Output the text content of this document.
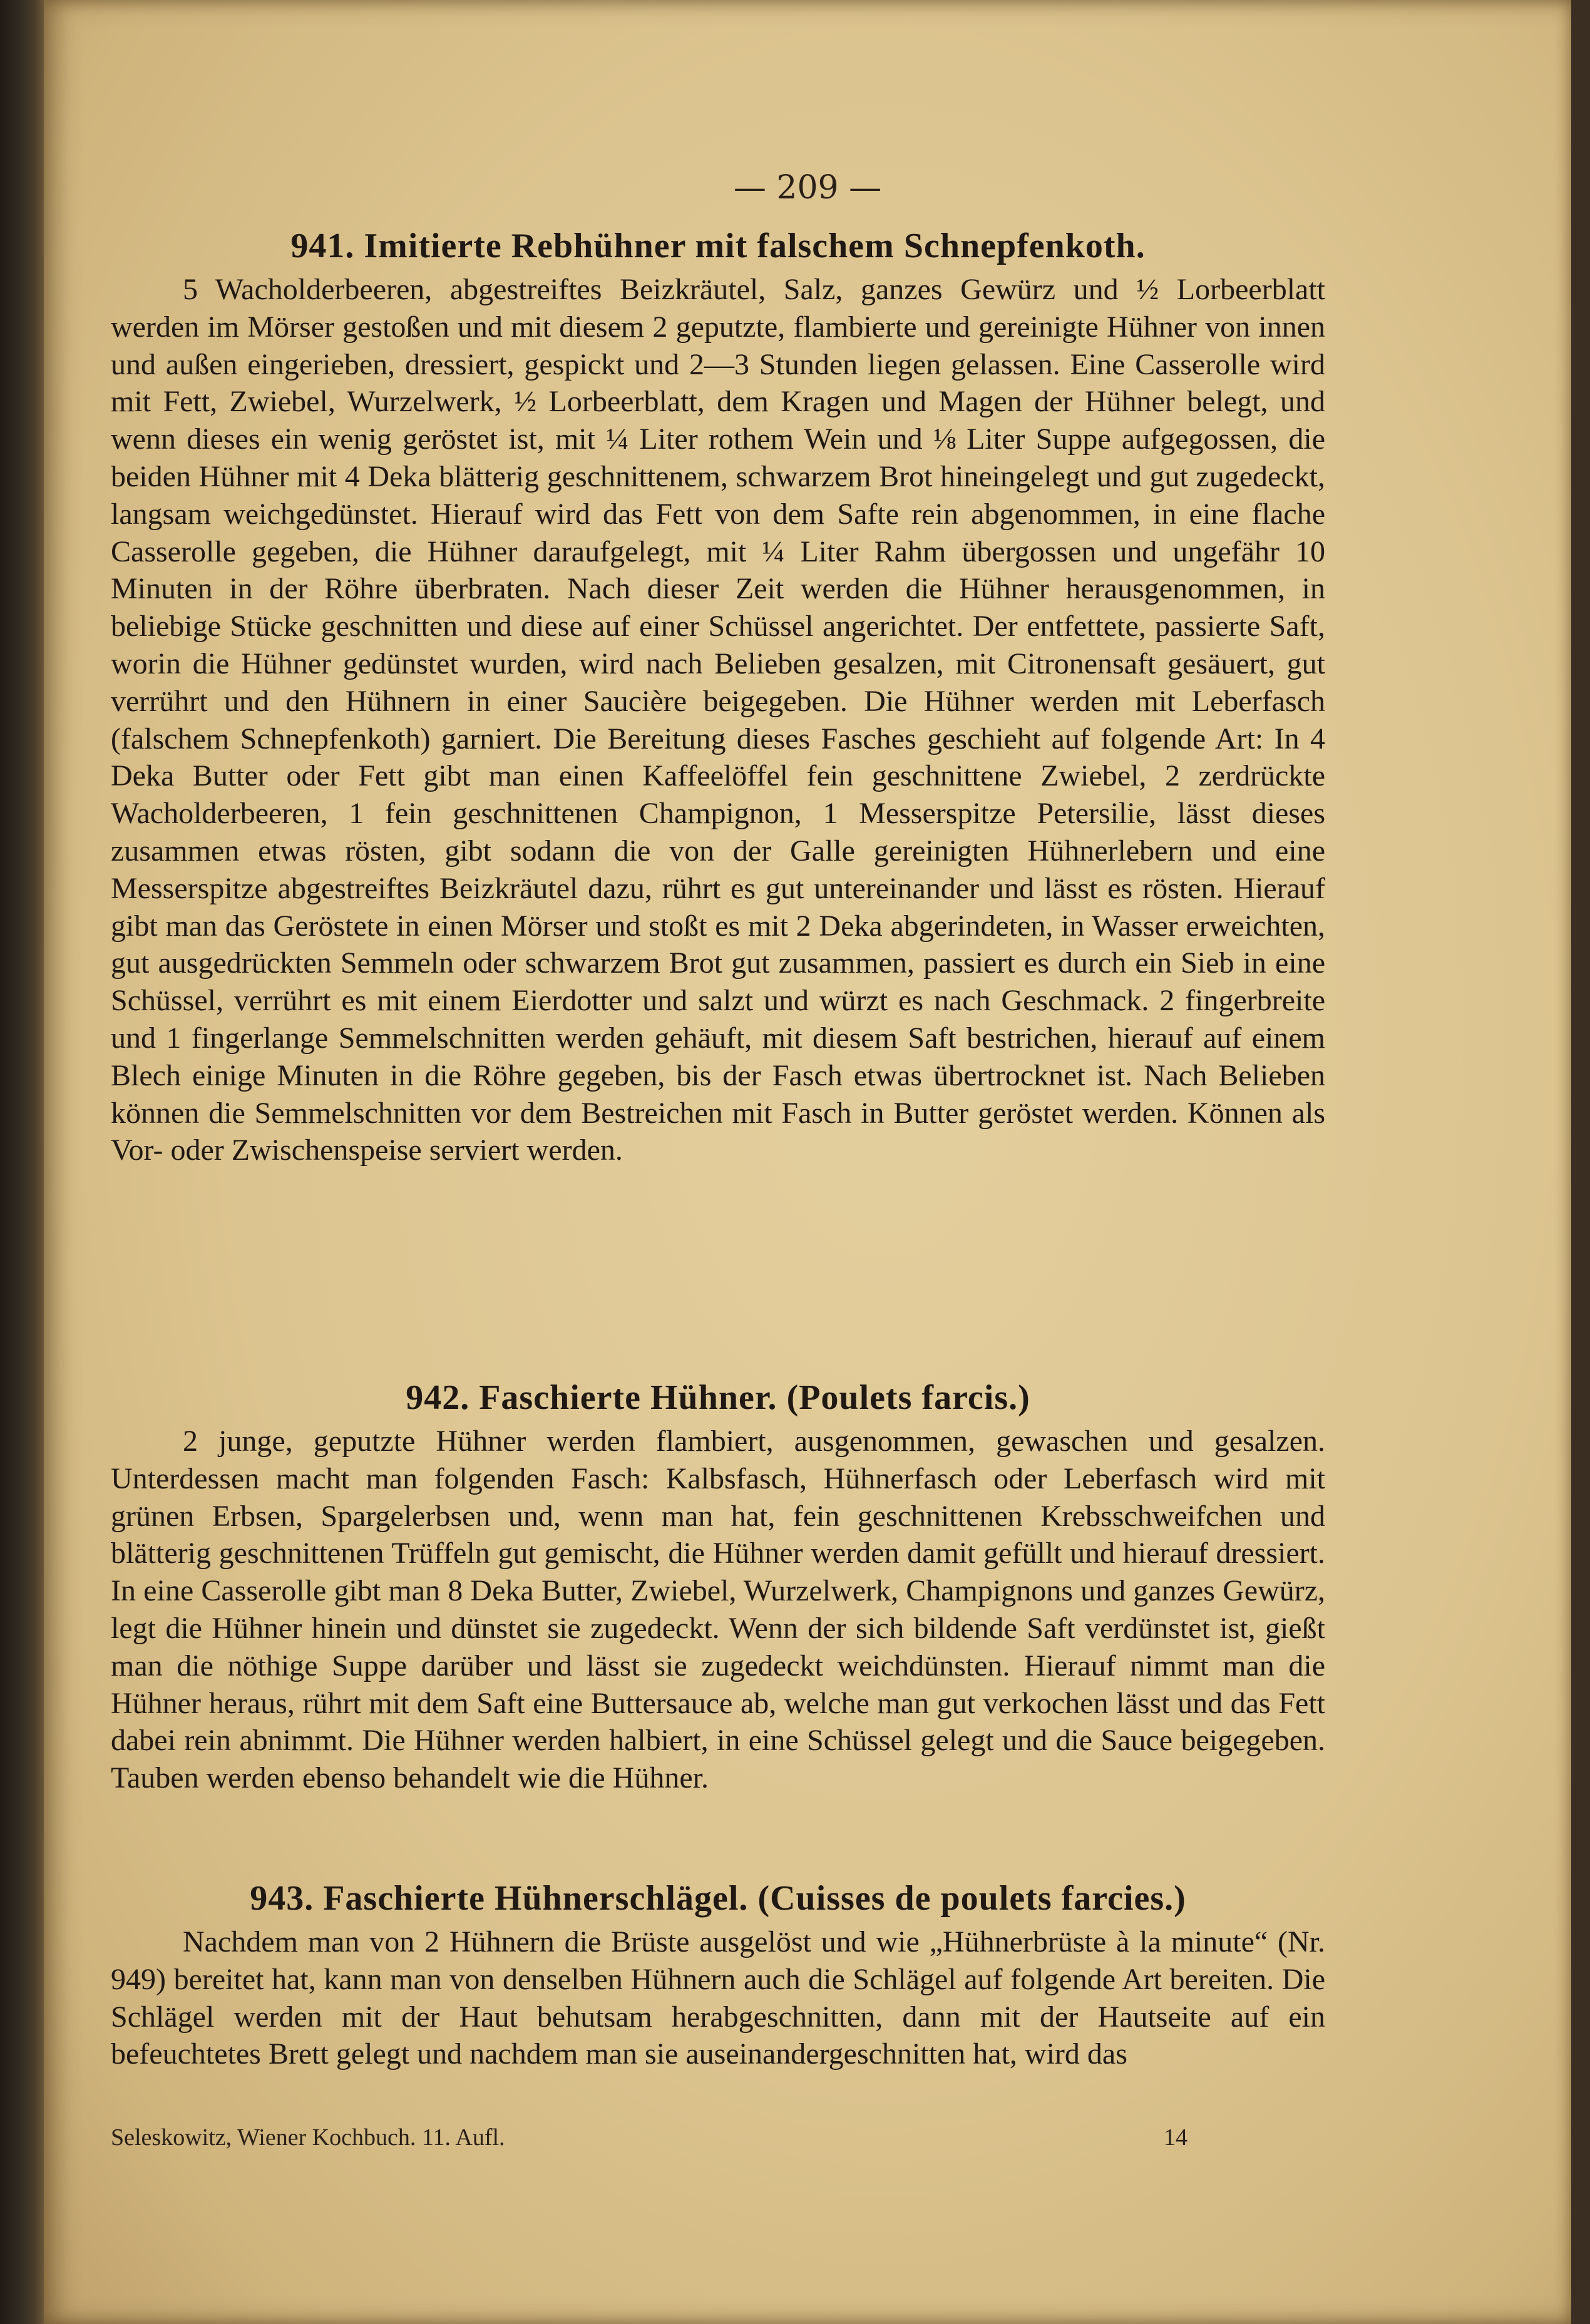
— 209 —
941. Imitierte Rebhühner mit falschem Schnepfenkoth.

5 Wacholderbeeren, abgestreiftes Beizkräutel, Salz, ganzes Gewürz und ½ Lorbeerblatt werden im Mörser gestoßen und mit diesem 2 geputzte, flambierte und gereinigte Hühner von innen und außen eingerieben, dressiert, gespickt und 2—3 Stunden liegen gelassen. Eine Casserolle wird mit Fett, Zwiebel, Wurzelwerk, ½ Lorbeerblatt, dem Kragen und Magen der Hühner belegt, und wenn dieses ein wenig geröstet ist, mit ¼ Liter rothem Wein und ⅛ Liter Suppe aufgegossen, die beiden Hühner mit 4 Deka blätterig geschnittenem, schwarzem Brot hineingelegt und gut zugedeckt, langsam weichgedünstet. Hierauf wird das Fett von dem Safte rein abgenommen, in eine flache Casserolle gegeben, die Hühner daraufgelegt, mit ¼ Liter Rahm übergossen und ungefähr 10 Minuten in der Röhre überbraten. Nach dieser Zeit werden die Hühner herausgenommen, in beliebige Stücke geschnitten und diese auf einer Schüssel angerichtet. Der entfettete, passierte Saft, worin die Hühner gedünstet wurden, wird nach Belieben gesalzen, mit Citronensaft gesäuert, gut verrührt und den Hühnern in einer Saucière beigegeben. Die Hühner werden mit Leberfasch (falschem Schnepfenkoth) garniert. Die Bereitung dieses Fasches geschieht auf folgende Art: In 4 Deka Butter oder Fett gibt man einen Kaffeelöffel fein geschnittene Zwiebel, 2 zerdrückte Wacholderbeeren, 1 fein geschnittenen Champignon, 1 Messerspitze Petersilie, lässt dieses zusammen etwas rösten, gibt sodann die von der Galle gereinigten Hühnerlebern und eine Messerspitze abgestreiftes Beizkräutel dazu, rührt es gut untereinander und lässt es rösten. Hierauf gibt man das Geröstete in einen Mörser und stoßt es mit 2 Deka abgerindeten, in Wasser erweichten, gut ausgedrückten Semmeln oder schwarzem Brot gut zusammen, passiert es durch ein Sieb in eine Schüssel, verrührt es mit einem Eierdotter und salzt und würzt es nach Geschmack. 2 fingerbreite und 1 fingerlange Semmelschnitten werden gehäuft, mit diesem Saft bestrichen, hierauf auf einem Blech einige Minuten in die Röhre gegeben, bis der Fasch etwas übertrocknet ist. Nach Belieben können die Semmelschnitten vor dem Bestreichen mit Fasch in Butter geröstet werden. Können als Vor- oder Zwischenspeise serviert werden.

942. Faschierte Hühner. (Poulets farcis.)

2 junge, geputzte Hühner werden flambiert, ausgenommen, gewaschen und gesalzen. Unterdessen macht man folgenden Fasch: Kalbsfasch, Hühnerfasch oder Leberfasch wird mit grünen Erbsen, Spargelerbsen und, wenn man hat, fein geschnittenen Krebsschweifchen und blätterig geschnittenen Trüffeln gut gemischt, die Hühner werden damit gefüllt und hierauf dressiert. In eine Casserolle gibt man 8 Deka Butter, Zwiebel, Wurzelwerk, Champignons und ganzes Gewürz, legt die Hühner hinein und dünstet sie zugedeckt. Wenn der sich bildende Saft verdünstet ist, gießt man die nöthige Suppe darüber und lässt sie zugedeckt weichdünsten. Hierauf nimmt man die Hühner heraus, rührt mit dem Saft eine Buttersauce ab, welche man gut verkochen lässt und das Fett dabei rein abnimmt. Die Hühner werden halbiert, in eine Schüssel gelegt und die Sauce beigegeben. Tauben werden ebenso behandelt wie die Hühner.

943. Faschierte Hühnerschlägel. (Cuisses de poulets farcies.)

Nachdem man von 2 Hühnern die Brüste ausgelöst und wie „Hühnerbrüste à la minute“ (Nr. 949) bereitet hat, kann man von denselben Hühnern auch die Schlägel auf folgende Art bereiten. Die Schlägel werden mit der Haut behutsam herabgeschnitten, dann mit der Hautseite auf ein befeuchtetes Brett gelegt und nachdem man sie auseinandergeschnitten hat, wird das

Seleskowitz, Wiener Kochbuch. 11. Aufl.	14
